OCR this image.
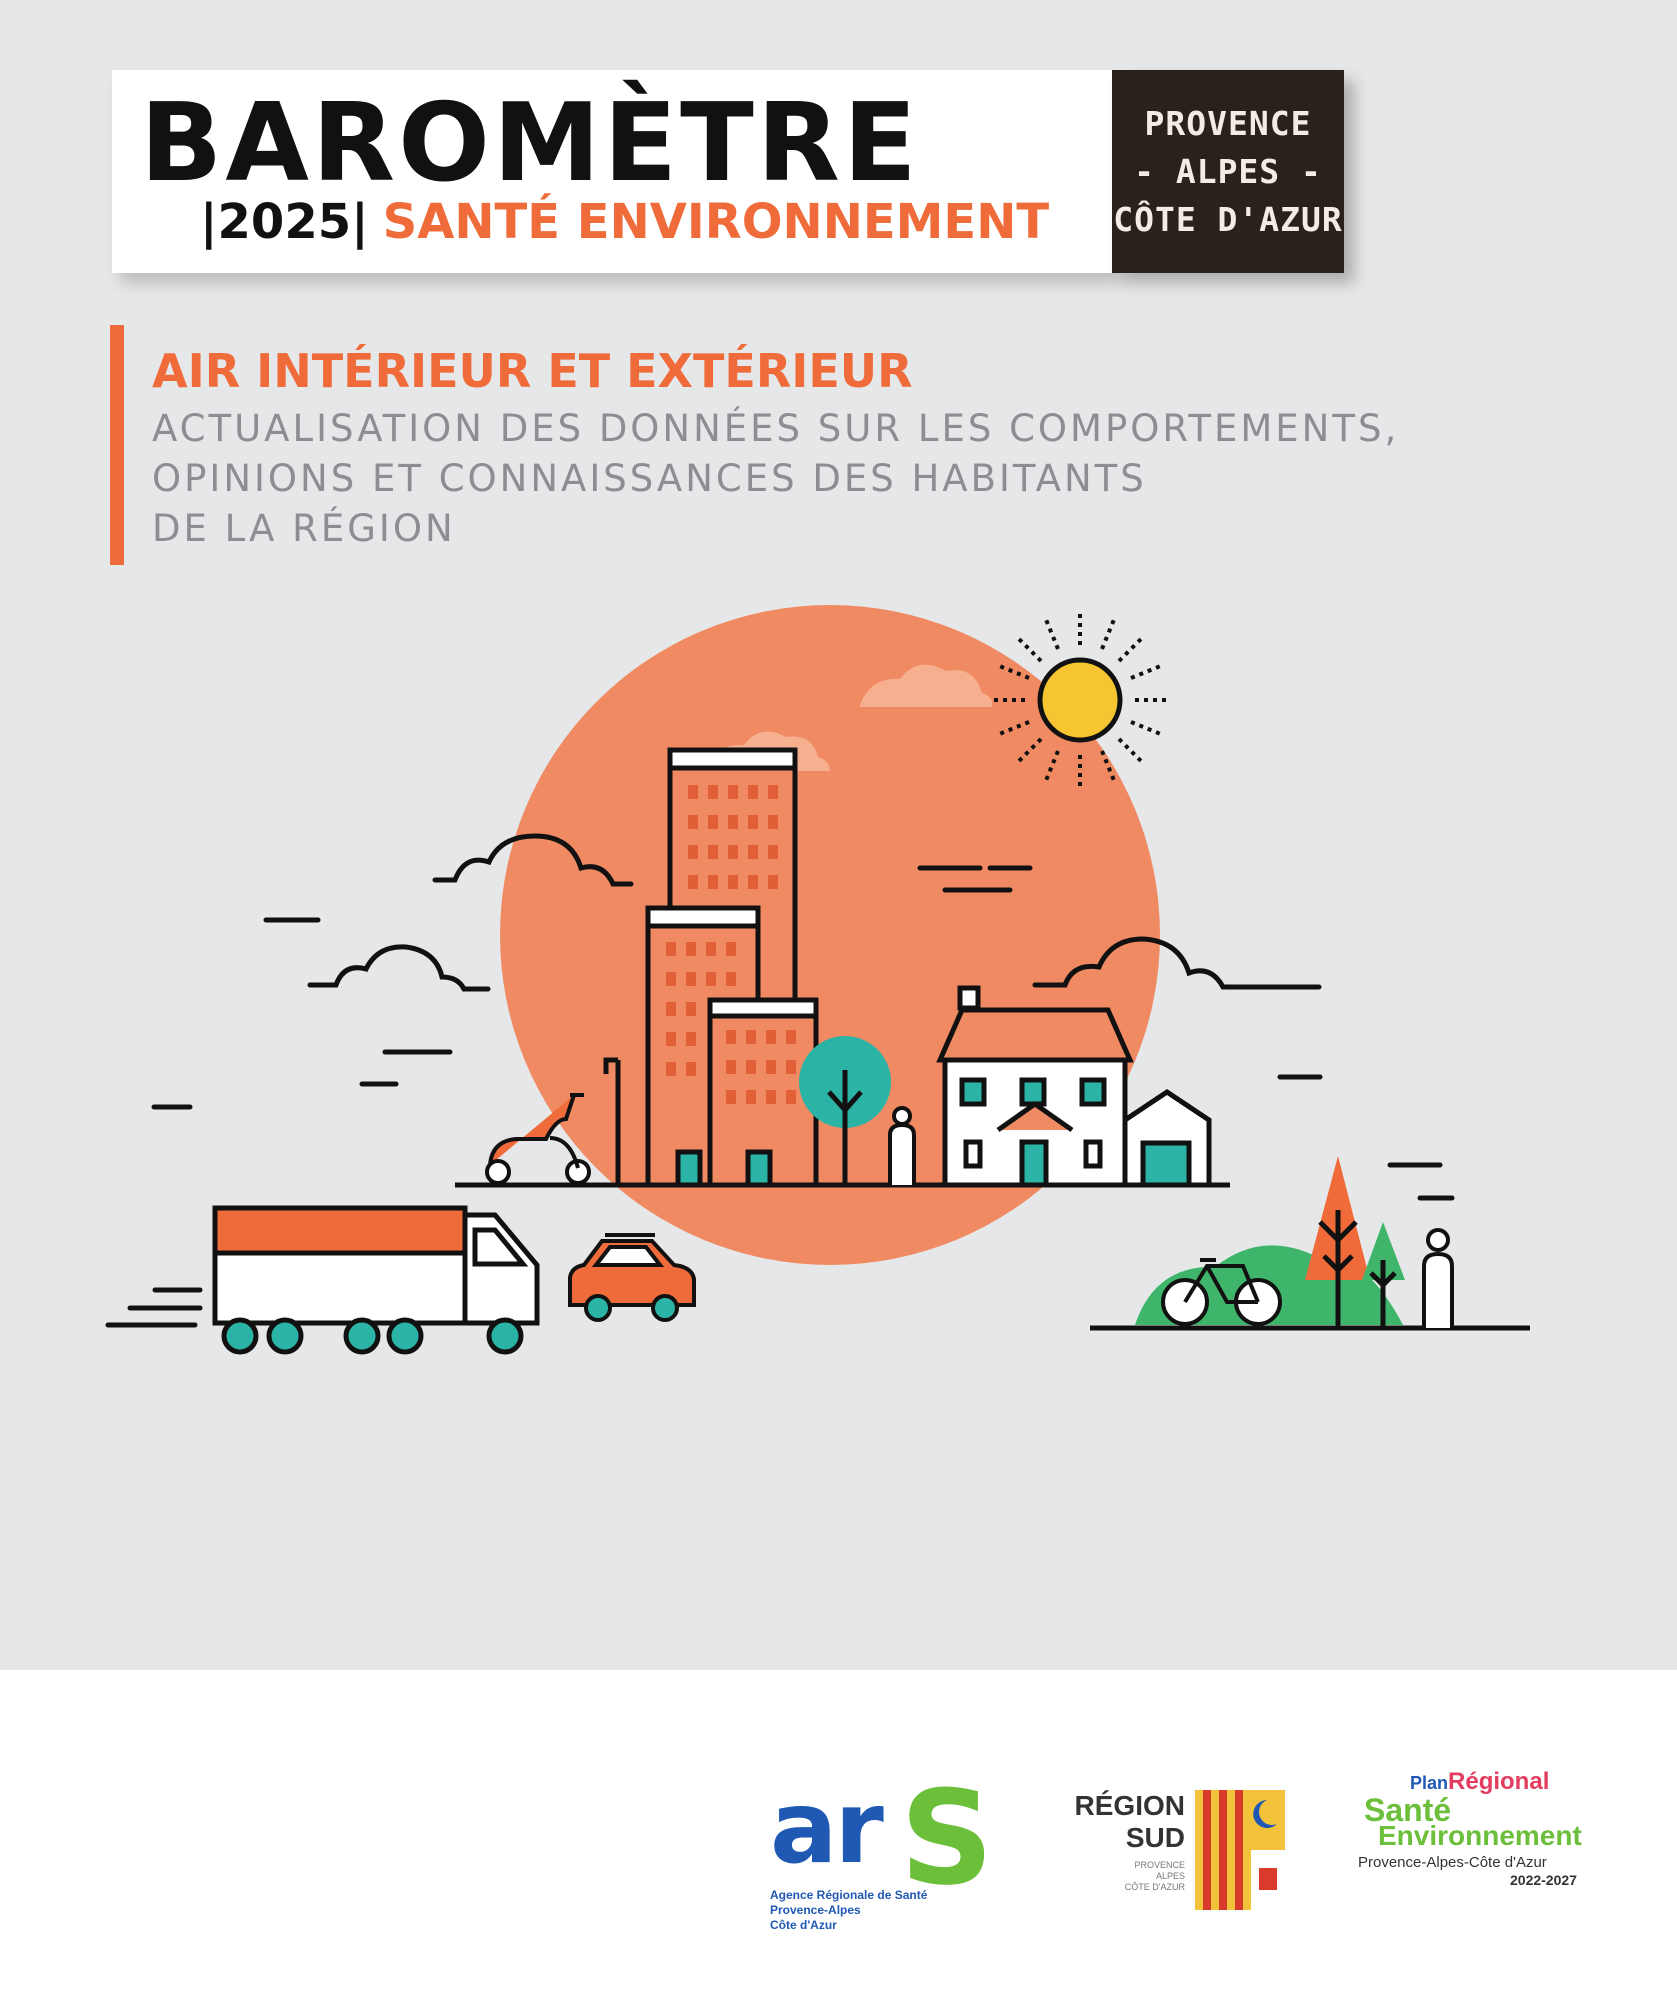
BAROMÈTRE
|2025| SANTÉ ENVIRONNEMENT
PROVENCE
- ALPES -
CÔTE D'AZUR
AIR INTÉRIEUR ET EXTÉRIEUR
ACTUALISATION DES DONNÉES SUR LES COMPORTEMENTS,
OPINIONS ET CONNAISSANCES DES HABITANTS
DE LA RÉGION
ar S
Agence Régionale de Santé
Provence-Alpes
Côte d'Azur
RÉGION
SUD
PROVENCE
ALPES
CÔTE D'AZUR
PlanRégional
Santé
Environnement
Provence-Alpes-Côte d'Azur
2022-2027
